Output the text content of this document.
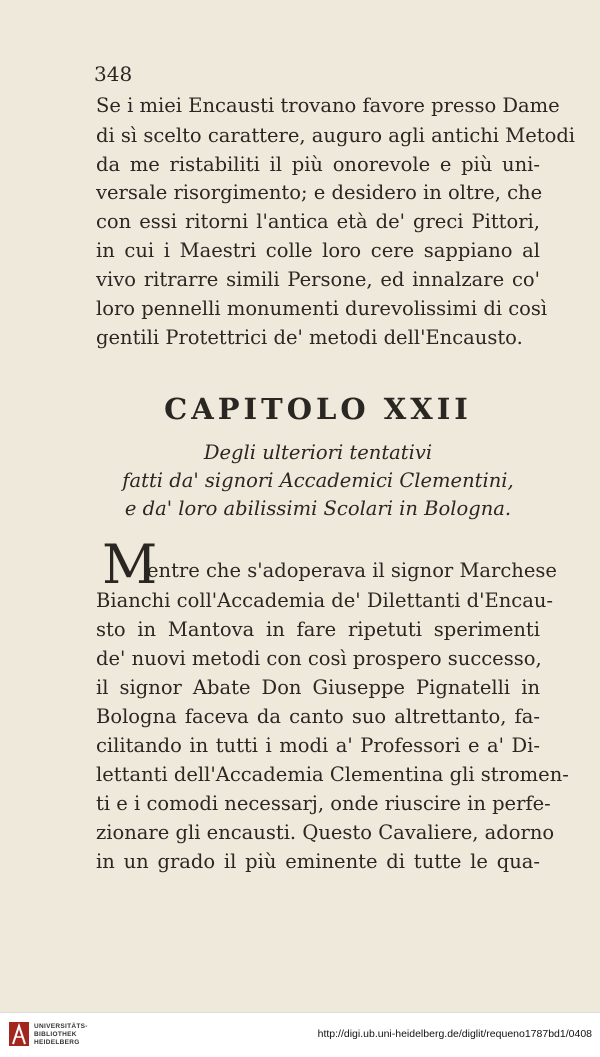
348
Se i miei Encausti trovano favore presso Dame
di sì scelto carattere, auguro agli antichi Metodi
da me ristabiliti il più onorevole e più uni-
versale risorgimento; e desidero in oltre, che
con essi ritorni l'antica età de' greci Pittori,
in cui i Maestri colle loro cere sappiano al
vivo ritrarre simili Persone, ed innalzare co'
loro pennelli monumenti durevolissimi di così
gentili Protettrici de' metodi dell'Encausto.
CAPITOLO XXII
Degli ulteriori tentativi
fatti da' signori Accademici Clementini,
e da' loro abilissimi Scolari in Bologna.
M
entre che s'adoperava il signor Marchese
Bianchi coll'Accademia de' Dilettanti d'Encau-
sto in Mantova in fare ripetuti sperimenti
de' nuovi metodi con così prospero successo,
il signor Abate Don Giuseppe Pignatelli in
Bologna faceva da canto suo altrettanto, fa-
cilitando in tutti i modi a' Professori e a' Di-
lettanti dell'Accademia Clementina gli stromen-
ti e i comodi necessarj, onde riuscire in perfe-
zionare gli encausti. Questo Cavaliere, adorno
in un grado il più eminente di tutte le qua-
UNIVERSITÄTS-
BIBLIOTHEK
HEIDELBERG
http://digi.ub.uni-heidelberg.de/diglit/requeno1787bd1/0408
